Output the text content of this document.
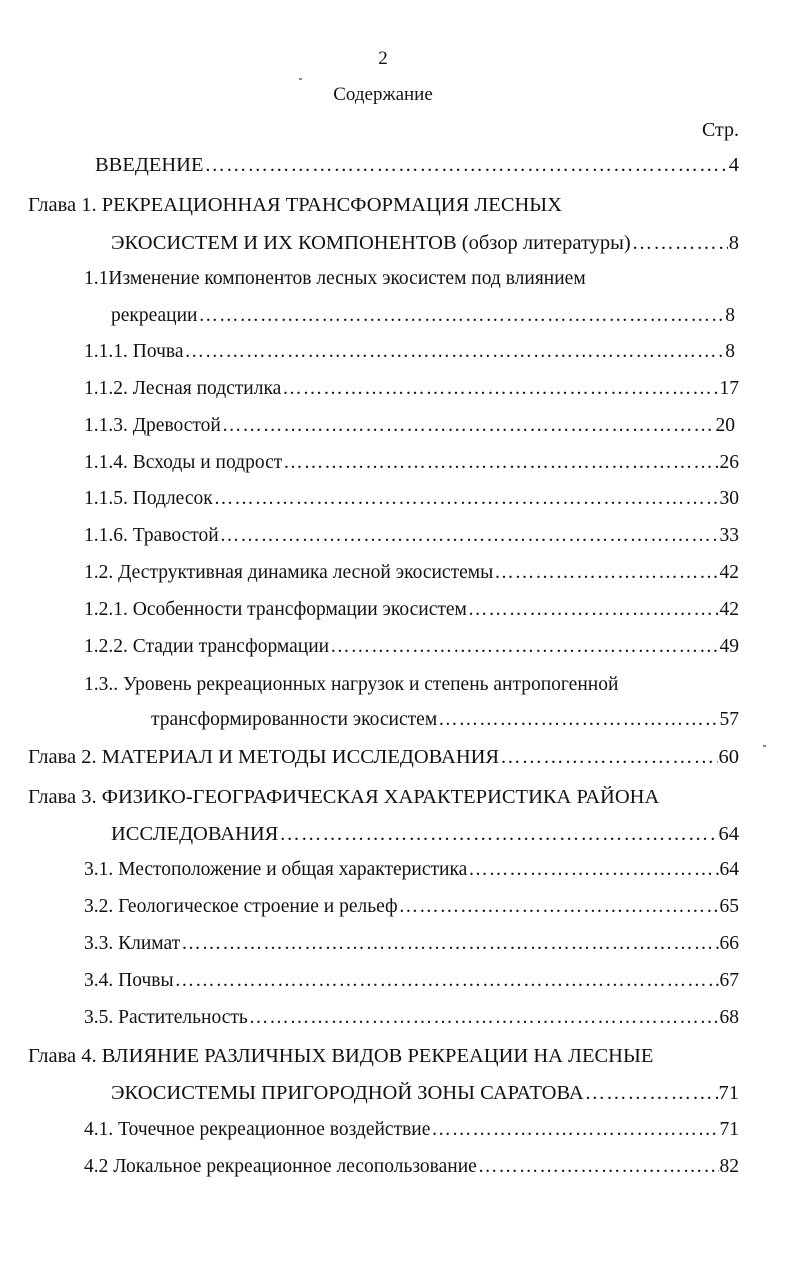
2
Содержание
Стр.
ВВЕДЕНИЕ …………………………………………………………………………………………………………………………………………………………………………………………………………………	4
Глава 1. РЕКРЕАЦИОННАЯ ТРАНСФОРМАЦИЯ ЛЕСНЫХ
ЭКОСИСТЕМ И ИХ КОМПОНЕНТОВ (обзор литературы) …………………………………………………………………………………………………………………………………………………………………………………………………………………	8
1.1Изменение компонентов лесных экосистем под влиянием
рекреации …………………………………………………………………………………………………………………………………………………………………………………………………………………	8
1.1.1. Почва …………………………………………………………………………………………………………………………………………………………………………………………………………………	8
1.1.2. Лесная подстилка …………………………………………………………………………………………………………………………………………………………………………………………………………………	17
1.1.3. Древостой …………………………………………………………………………………………………………………………………………………………………………………………………………………	20
1.1.4. Всходы и подрост …………………………………………………………………………………………………………………………………………………………………………………………………………………	26
1.1.5. Подлесок …………………………………………………………………………………………………………………………………………………………………………………………………………………	30
1.1.6. Травостой …………………………………………………………………………………………………………………………………………………………………………………………………………………	33
1.2. Деструктивная динамика лесной экосистемы …………………………………………………………………………………………………………………………………………………………………………………………………………………	42
1.2.1. Особенности трансформации экосистем …………………………………………………………………………………………………………………………………………………………………………………………………………………	42
1.2.2. Стадии трансформации …………………………………………………………………………………………………………………………………………………………………………………………………………………	49
1.3.. Уровень рекреационных нагрузок и степень антропогенной
трансформированности экосистем …………………………………………………………………………………………………………………………………………………………………………………………………………………	57
Глава 2. МАТЕРИАЛ И МЕТОДЫ ИССЛЕДОВАНИЯ …………………………………………………………………………………………………………………………………………………………………………………………………………………	60
Глава 3. ФИЗИКО-ГЕОГРАФИЧЕСКАЯ ХАРАКТЕРИСТИКА РАЙОНА
ИССЛЕДОВАНИЯ …………………………………………………………………………………………………………………………………………………………………………………………………………………	64
3.1. Местоположение и общая характеристика …………………………………………………………………………………………………………………………………………………………………………………………………………………	64
3.2. Геологическое строение и рельеф …………………………………………………………………………………………………………………………………………………………………………………………………………………	65
3.3. Климат …………………………………………………………………………………………………………………………………………………………………………………………………………………	66
3.4. Почвы …………………………………………………………………………………………………………………………………………………………………………………………………………………	67
3.5. Растительность …………………………………………………………………………………………………………………………………………………………………………………………………………………	68
Глава 4. ВЛИЯНИЕ РАЗЛИЧНЫХ ВИДОВ РЕКРЕАЦИИ НА ЛЕСНЫЕ
ЭКОСИСТЕМЫ ПРИГОРОДНОЙ ЗОНЫ САРАТОВА …………………………………………………………………………………………………………………………………………………………………………………………………………………	71
4.1. Точечное рекреационное воздействие …………………………………………………………………………………………………………………………………………………………………………………………………………………	71
4.2 Локальное рекреационное лесопользование …………………………………………………………………………………………………………………………………………………………………………………………………………………	82
